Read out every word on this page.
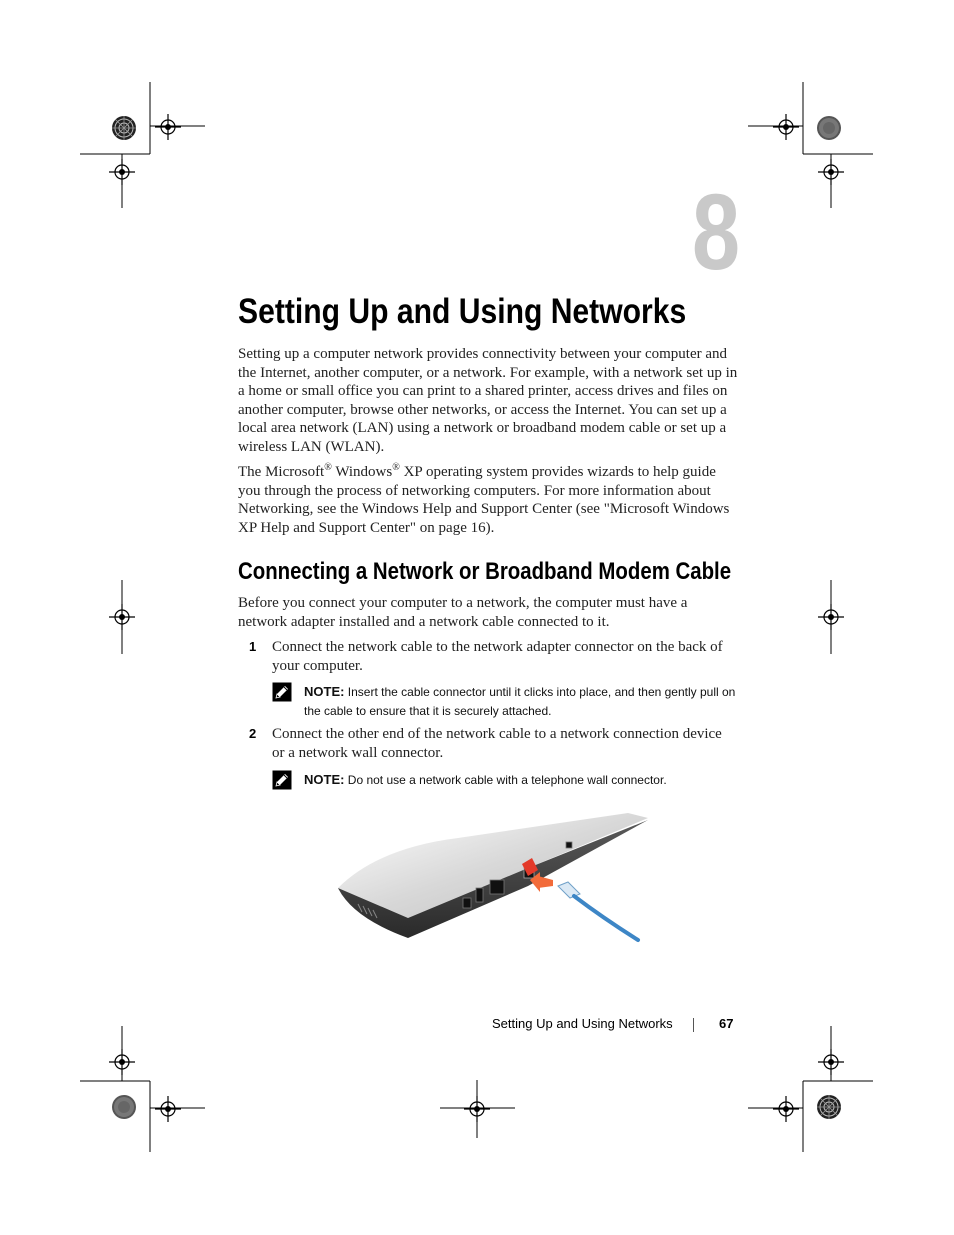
8
Setting Up and Using Networks

Setting up a computer network provides connectivity between your computer and the Internet, another computer, or a network. For example, with a network set up in a home or small office you can print to a shared printer, access drives and files on another computer, browse other networks, or access the Internet. You can set up a local area network (LAN) using a network or broadband modem cable or set up a wireless LAN (WLAN).

The Microsoft® Windows® XP operating system provides wizards to help guide you through the process of networking computers. For more information about Networking, see the Windows Help and Support Center (see "Microsoft Windows XP Help and Support Center" on page 16).

Connecting a Network or Broadband Modem Cable

Before you connect your computer to a network, the computer must have a network adapter installed and a network cable connected to it.

1 Connect the network cable to the network adapter connector on the back of your computer.

NOTE: Insert the cable connector until it clicks into place, and then gently pull on the cable to ensure that it is securely attached.

2 Connect the other end of the network cable to a network connection device or a network wall connector.

NOTE: Do not use a network cable with a telephone wall connector.

Setting Up and Using Networks	67
